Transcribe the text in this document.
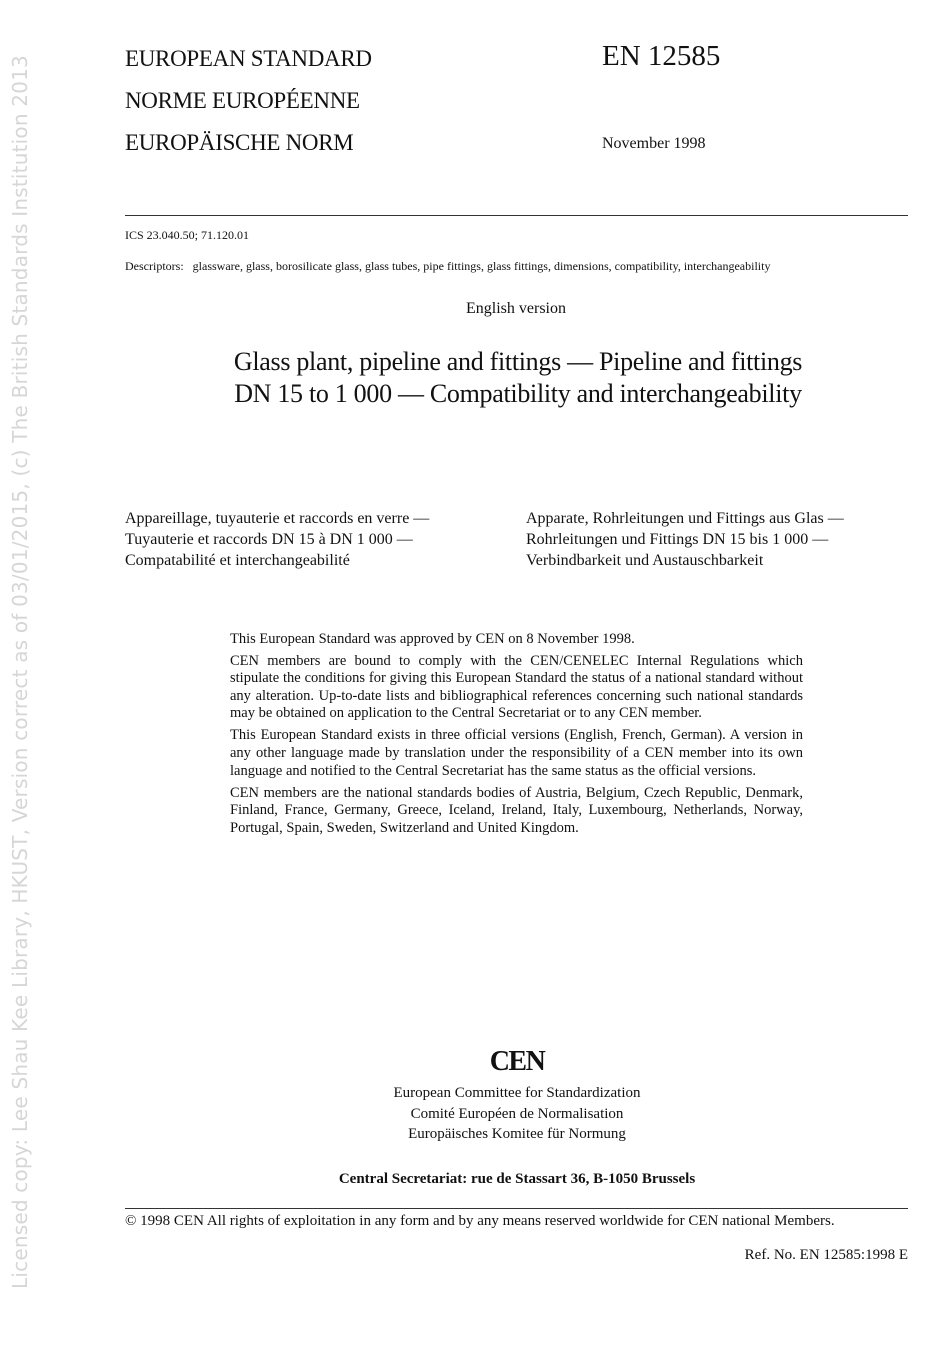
Licensed copy: Lee Shau Kee Library, HKUST, Version correct as of 03/01/2015, (c) The British Standards Institution 2013	EUROPEAN STANDARD
NORME EUROPÉENNE
EUROPÄISCHE NORM
EN 12585
November 1998
ICS 23.040.50; 71.120.01
Descriptors: glassware, glass, borosilicate glass, glass tubes, pipe fittings, glass fittings, dimensions, compatibility, interchangeability
English version
Glass plant, pipeline and fittings — Pipeline and fittings
DN 15 to 1 000 — Compatibility and interchangeability
Appareillage, tuyauterie et raccords en verre —
Tuyauterie et raccords DN 15 à DN 1 000 —
Compatabilité et interchangeabilité
Apparate, Rohrleitungen und Fittings aus Glas —
Rohrleitungen und Fittings DN 15 bis 1 000 —
Verbindbarkeit und Austauschbarkeit

This European Standard was approved by CEN on 8 November 1998.

CEN members are bound to comply with the CEN/CENELEC Internal Regulations which stipulate the conditions for giving this European Standard the status of a national standard without any alteration. Up-to-date lists and bibliographical references concerning such national standards may be obtained on application to the Central Secretariat or to any CEN member.

This European Standard exists in three official versions (English, French, German). A version in any other language made by translation under the responsibility of a CEN member into its own language and notified to the Central Secretariat has the same status as the official versions.

CEN members are the national standards bodies of Austria, Belgium, Czech Republic, Denmark, Finland, France, Germany, Greece, Iceland, Ireland, Italy, Luxembourg, Netherlands, Norway, Portugal, Spain, Sweden, Switzerland and United Kingdom.

CEN
European Committee for Standardization
Comité Européen de Normalisation
Europäisches Komitee für Normung
Central Secretariat: rue de Stassart 36, B-1050 Brussels
© 1998 CEN All rights of exploitation in any form and by any means reserved worldwide for CEN national Members.
Ref. No. EN 12585:1998 E
